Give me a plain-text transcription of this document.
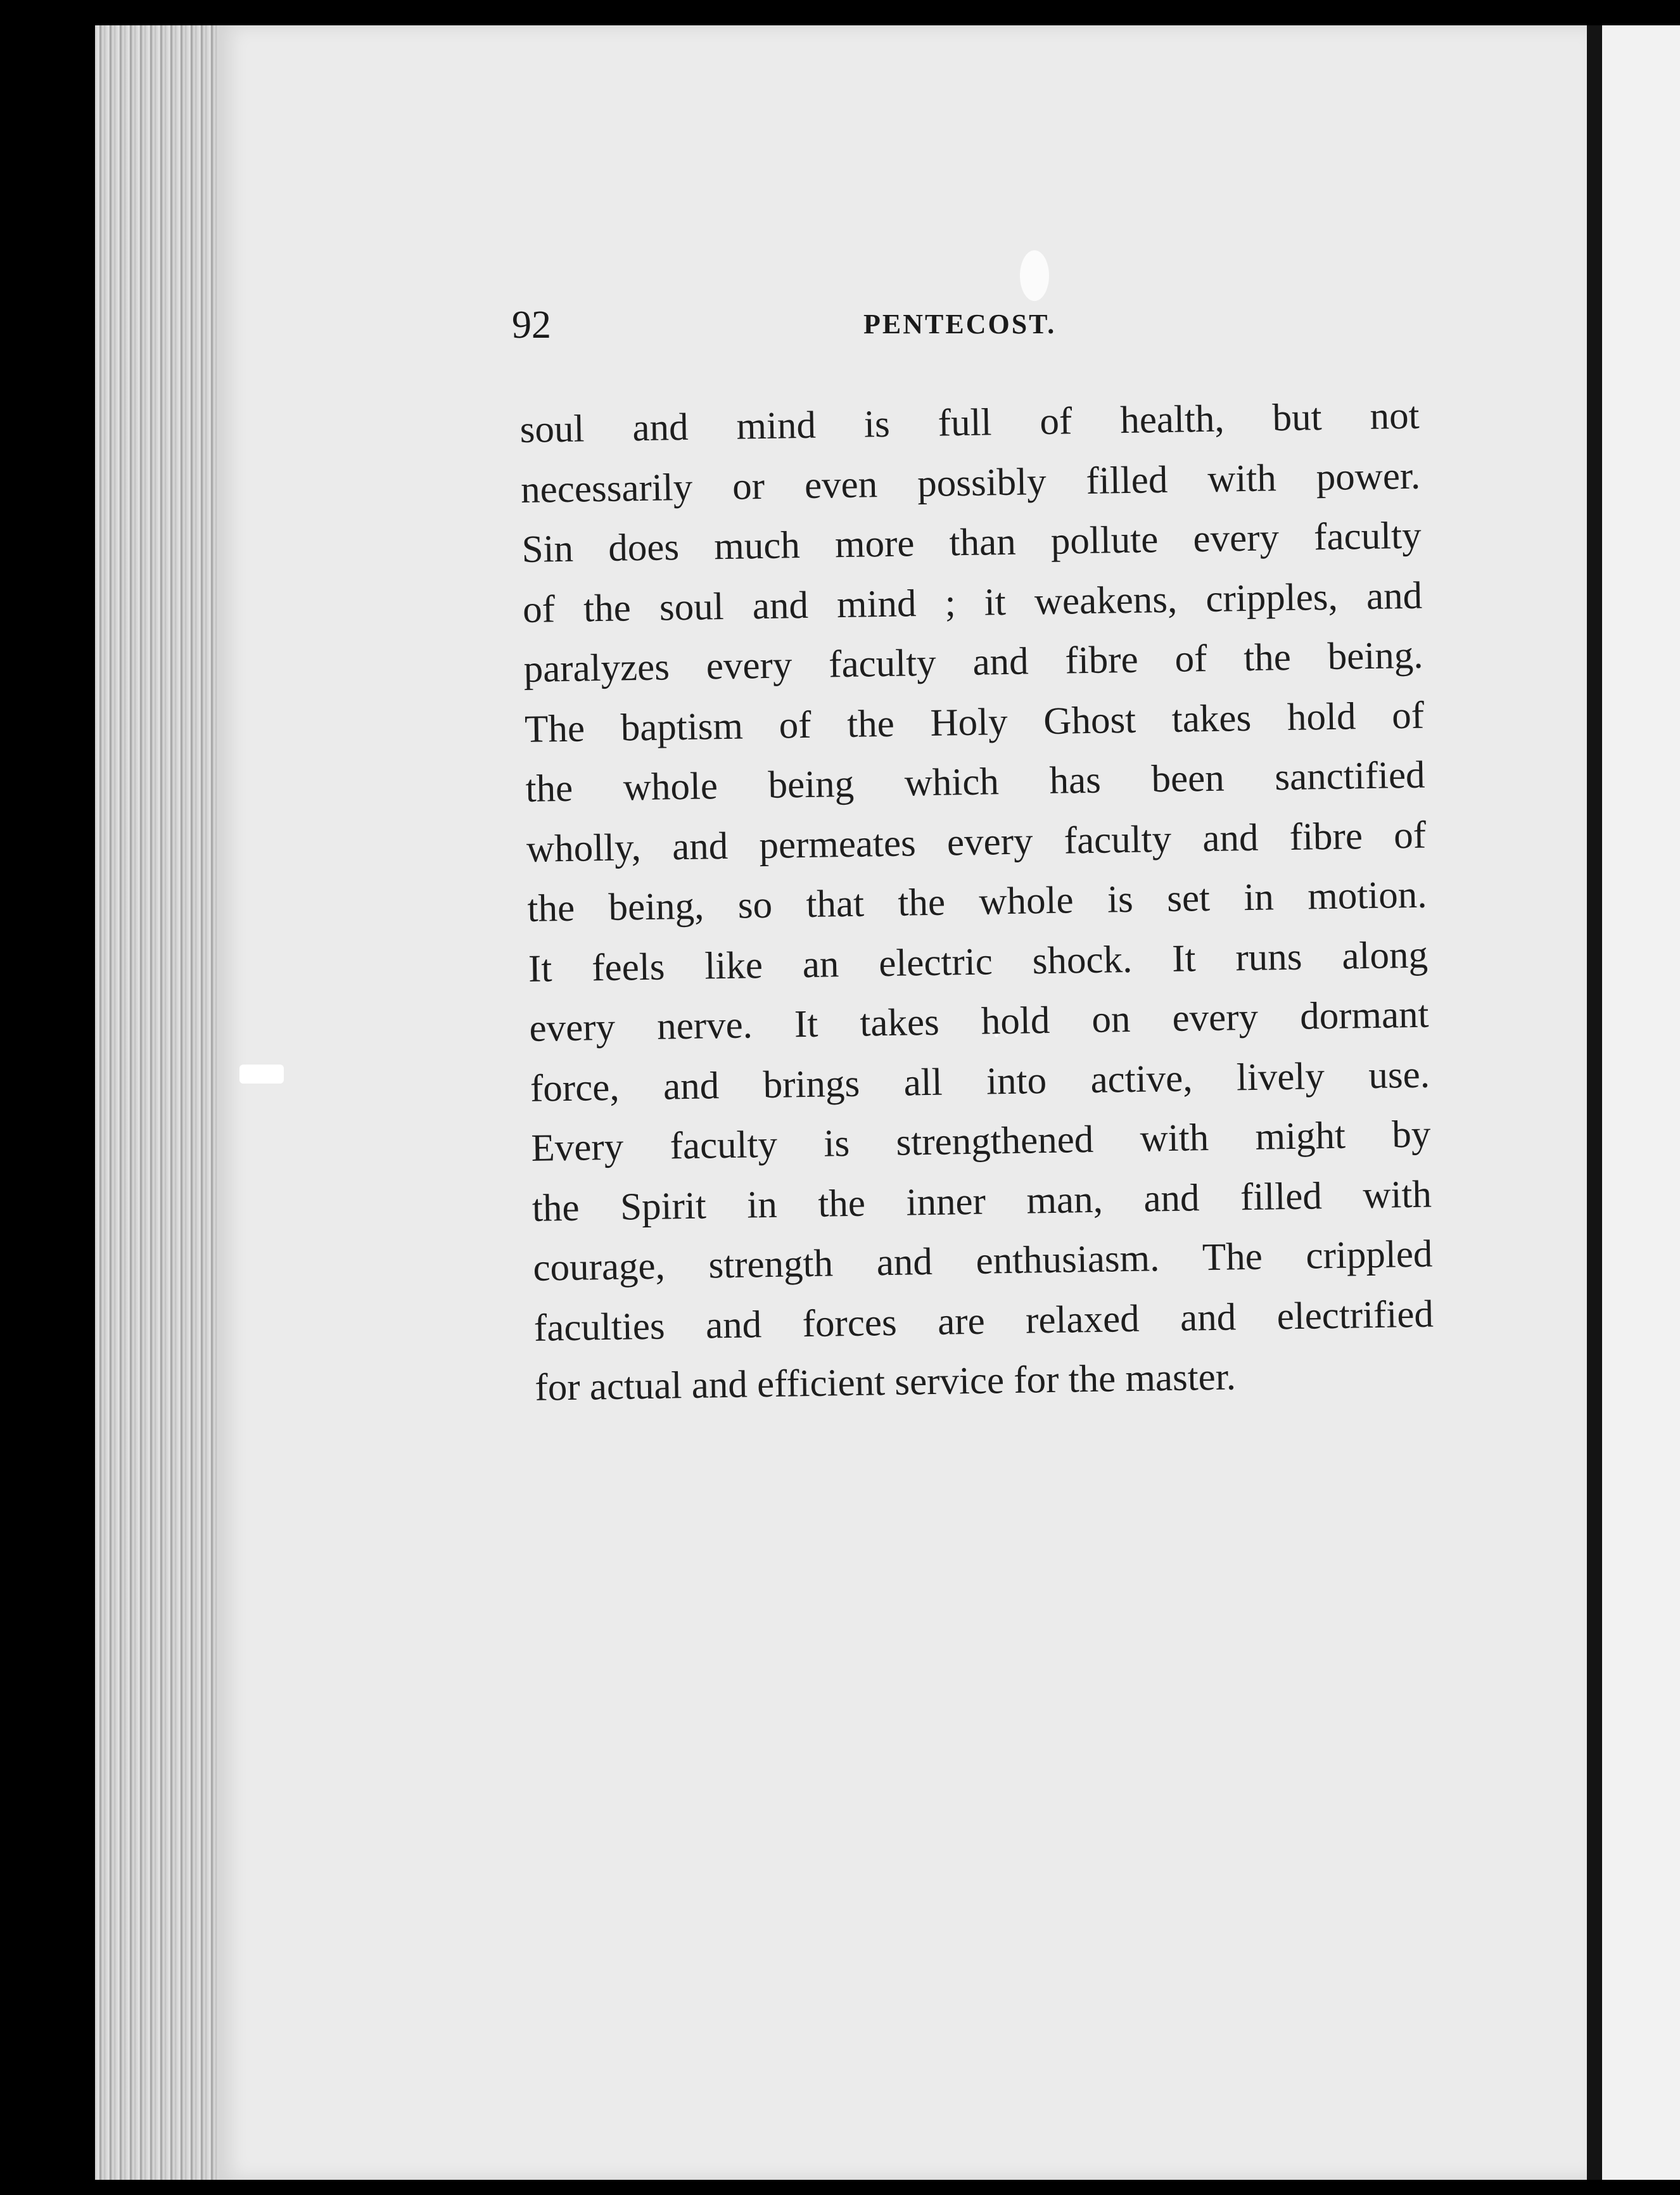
92	PENTECOST.
soul and mind is full of health, but not
necessarily or even possibly filled with power.
Sin does much more than pollute every faculty
of the soul and mind ; it weakens, cripples, and
paralyzes every faculty and fibre of the being.
The baptism of the Holy Ghost takes hold of
the whole being which has been sanctified
wholly, and permeates every faculty and fibre of
the being, so that the whole is set in motion.
It feels like an electric shock. It runs along
every nerve. It takes hold on every dormant
force, and brings all into active, lively use.
Every faculty is strengthened with might by
the Spirit in the inner man, and filled with
courage, strength and enthusiasm. The crippled
faculties and forces are relaxed and electrified
for actual and efficient service for the master.
